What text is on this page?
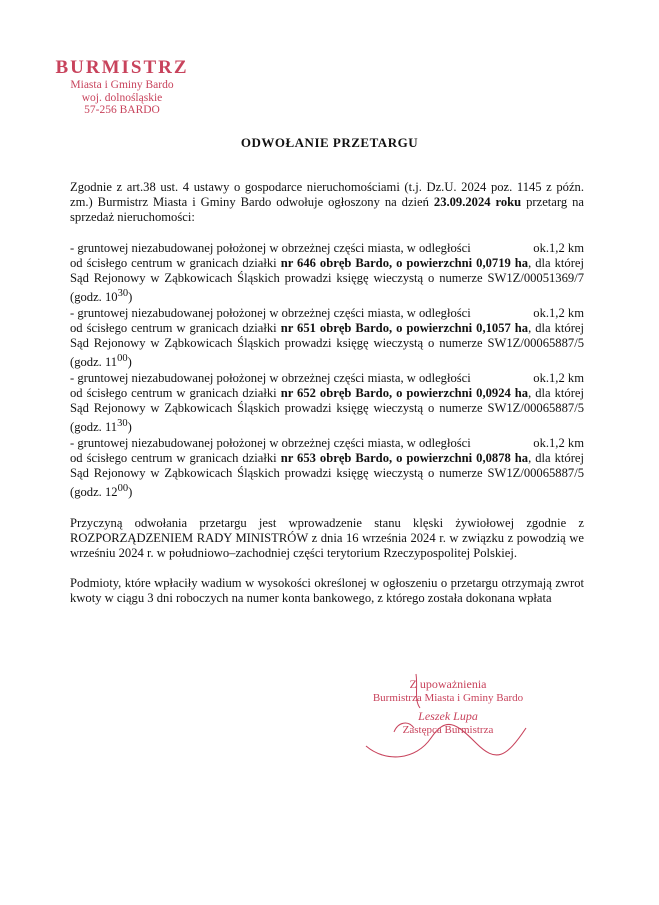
BURMISTRZ
Miasta i Gminy Bardo
woj. dolnośląskie
57-256 BARDO
ODWOŁANIE PRZETARGU

Zgodnie z art.38 ust. 4 ustawy o gospodarce nieruchomościami (t.j. Dz.U. 2024 poz. 1145 z późn. zm.) Burmistrz Miasta i Gminy Bardo odwołuje ogłoszony na dzień 23.09.2024 roku przetarg na sprzedaż nieruchomości:

- gruntowej niezabudowanej położonej w obrzeżnej części miasta, w odległości	ok.1,2 km
od ścisłego centrum w granicach działki nr 646 obręb Bardo, o powierzchni 0,0719 ha, dla której Sąd Rejonowy w Ząbkowicach Śląskich prowadzi księgę wieczystą o numerze SW1Z/00051369/7 (godz. $10^{30}$)
- gruntowej niezabudowanej położonej w obrzeżnej części miasta, w odległości	ok.1,2 km
od ścisłego centrum w granicach działki nr 651 obręb Bardo, o powierzchni 0,1057 ha, dla której Sąd Rejonowy w Ząbkowicach Śląskich prowadzi księgę wieczystą o numerze SW1Z/00065887/5 (godz. $11^{00}$)
- gruntowej niezabudowanej położonej w obrzeżnej części miasta, w odległości	ok.1,2 km
od ścisłego centrum w granicach działki nr 652 obręb Bardo, o powierzchni 0,0924 ha, dla której Sąd Rejonowy w Ząbkowicach Śląskich prowadzi księgę wieczystą o numerze SW1Z/00065887/5 (godz. $11^{30}$)
- gruntowej niezabudowanej położonej w obrzeżnej części miasta, w odległości	ok.1,2 km
od ścisłego centrum w granicach działki nr 653 obręb Bardo, o powierzchni 0,0878 ha, dla której Sąd Rejonowy w Ząbkowicach Śląskich prowadzi księgę wieczystą o numerze SW1Z/00065887/5 (godz. $12^{00}$)

Przyczyną odwołania przetargu jest wprowadzenie stanu klęski żywiołowej zgodnie z ROZPORZĄDZENIEM RADY MINISTRÓW z dnia 16 września 2024 r. w związku z powodzią we wrześniu 2024 r. w południowo–zachodniej części terytorium Rzeczypospolitej Polskiej.

Podmioty, które wpłaciły wadium w wysokości określonej w ogłoszeniu o przetargu otrzymają zwrot kwoty w ciągu 3 dni roboczych na numer konta bankowego, z którego została dokonana wpłata

Z upoważnienia
Burmistrza Miasta i Gminy Bardo
Leszek Lupa
Zastępca Burmistrza
